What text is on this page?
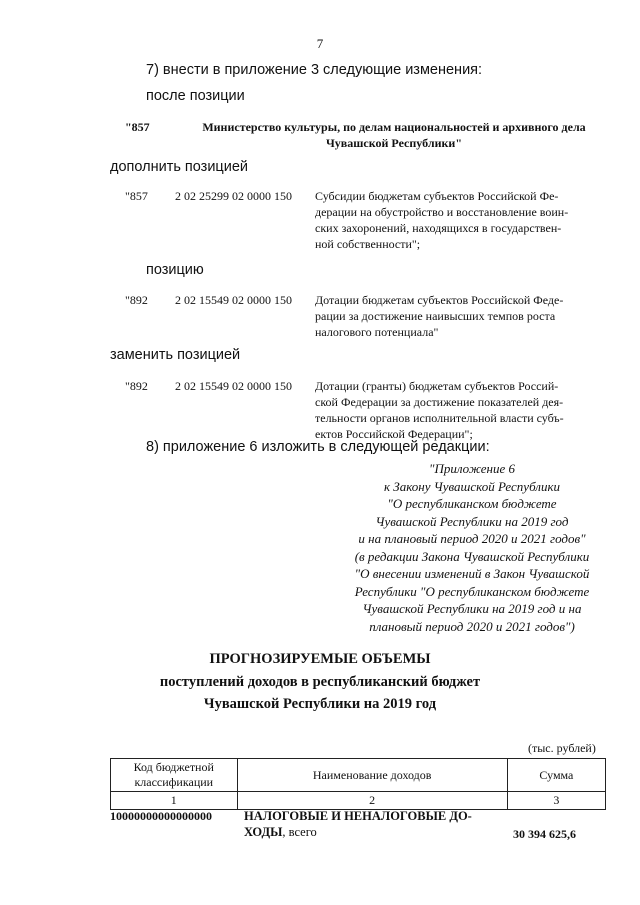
7
7) внести в приложение 3 следующие изменения:
после позиции
"857	Министерство культуры, по делам национальностей и архивного дела
Чувашской Республики"
дополнить позицией
"857 2 02 25299 02 0000 150 Субсидии бюджетам субъектов Российской Фе-
дерации на обустройство и восстановление воин-
ских захоронений, находящихся в государствен-
ной собственности";
позицию
"892 2 02 15549 02 0000 150 Дотации бюджетам субъектов Российской Феде-
рации за достижение наивысших темпов роста
налогового потенциала"
заменить позицией
"892 2 02 15549 02 0000 150 Дотации (гранты) бюджетам субъектов Россий-
ской Федерации за достижение показателей дея-
тельности органов исполнительной власти субъ-
ектов Российской Федерации";
8) приложение 6 изложить в следующей редакции:
"Приложение 6
к Закону Чувашской Республики
"О республиканском бюджете
Чувашской Республики на 2019 год
и на плановый период 2020 и 2021 годов"
(в редакции Закона Чувашской Республики
"О внесении изменений в Закон Чувашской
Республики "О республиканском бюджете
Чувашской Республики на 2019 год и на
плановый период 2020 и 2021 годов")
ПРОГНОЗИРУЕМЫЕ ОБЪЕМЫ
поступлений доходов в республиканский бюджет
Чувашской Республики на 2019 год
(тыс. рублей)
Код бюджетной классификации	Наименование доходов	Сумма
1	2	3
10000000000000000	НАЛОГОВЫЕ И НЕНАЛОГОВЫЕ ДО-
ХОДЫ, всего	30 394 625,6
